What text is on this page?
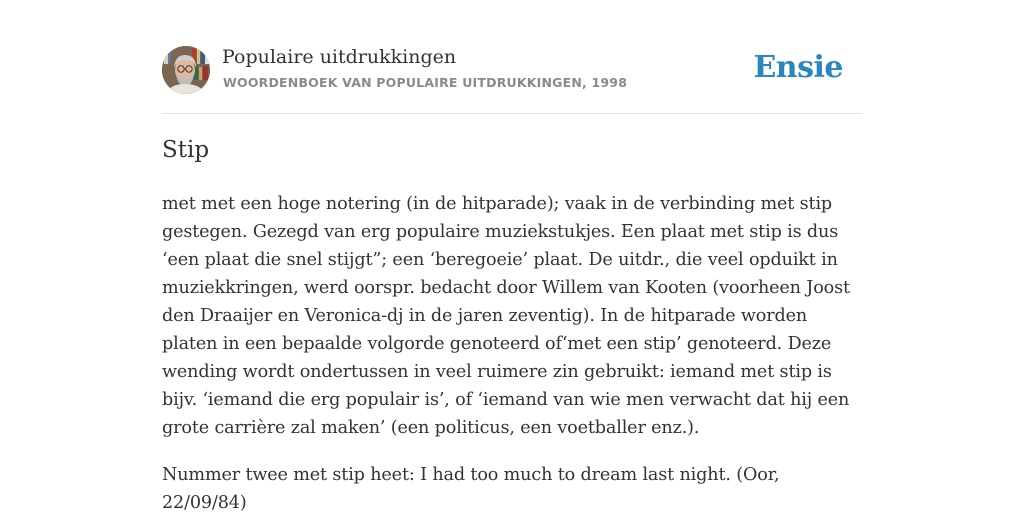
Populaire uitdrukkingen
WOORDENBOEK VAN POPULAIRE UITDRUKKINGEN, 1998	Ensie
Stip

met met een hoge notering (in de hitparade); vaak in de verbinding met stip gestegen. Gezegd van erg populaire muziekstukjes. Een plaat met stip is dus ‘een plaat die snel stijgt”; een ‘beregoeie’ plaat. De uitdr., die veel opduikt in muziekkringen, werd oorspr. bedacht door Willem van Kooten (voorheen Joost den Draaijer en Veronica-dj in de jaren zeventig). In de hitparade worden platen in een bepaalde volgorde genoteerd of‘met een stip’ genoteerd. Deze wending wordt ondertussen in veel ruimere zin gebruikt: iemand met stip is bijv. ‘iemand die erg populair is’, of ‘iemand van wie men verwacht dat hij een grote carrière zal maken’ (een politicus, een voetballer enz.).

Nummer twee met stip heet: I had too much to dream last night. (Oor, 22/09/84)
